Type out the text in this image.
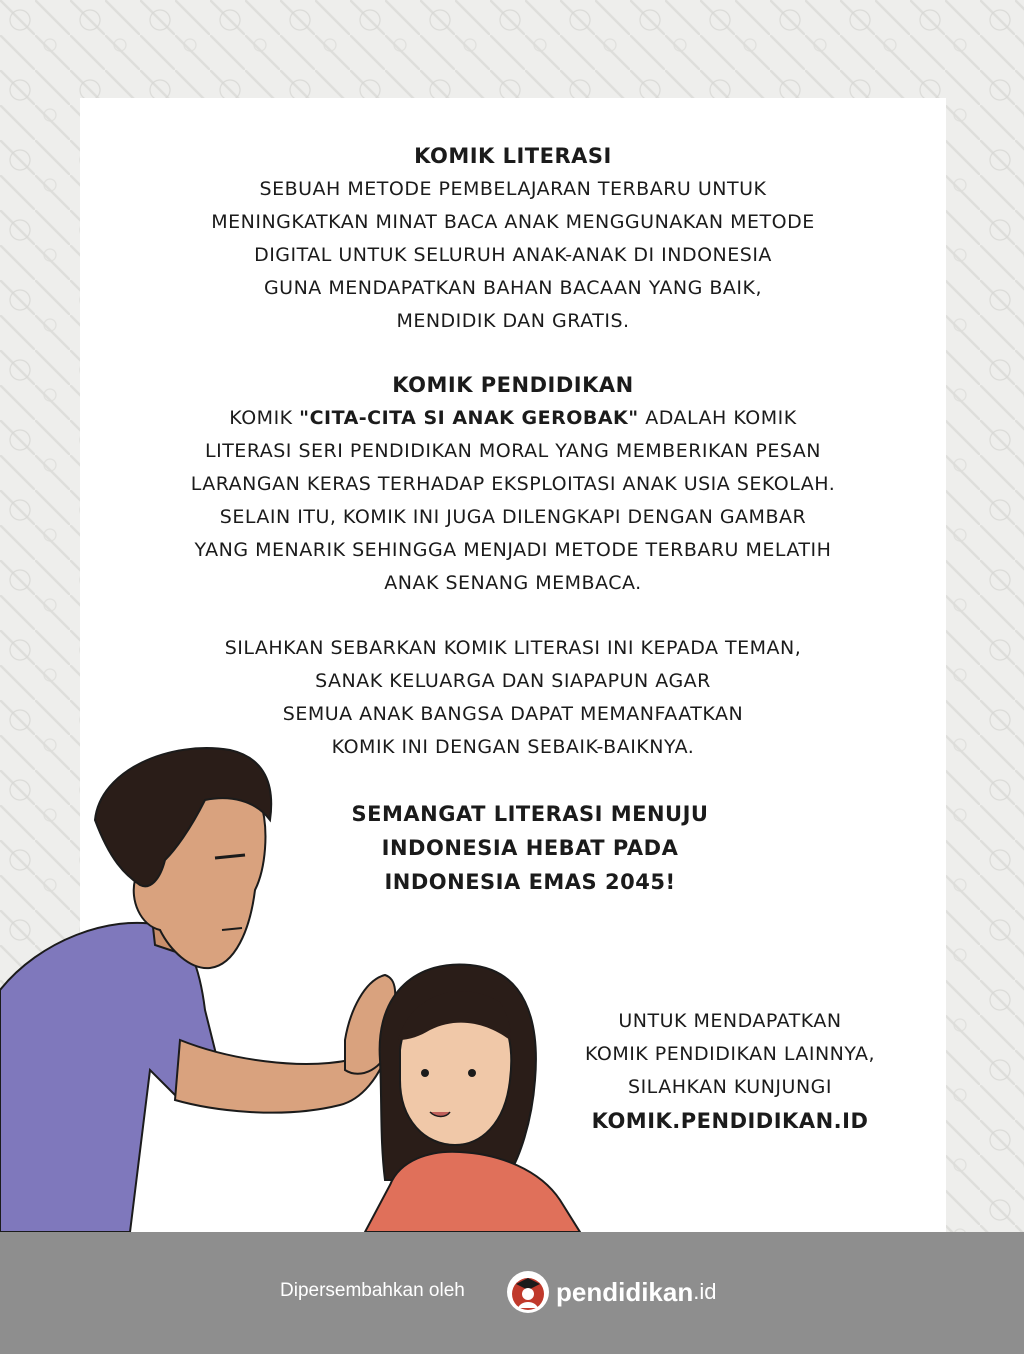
KOMIK LITERASI
SEBUAH METODE PEMBELAJARAN TERBARU UNTUK
MENINGKATKAN MINAT BACA ANAK MENGGUNAKAN METODE
DIGITAL UNTUK SELURUH ANAK-ANAK DI INDONESIA
GUNA MENDAPATKAN BAHAN BACAAN YANG BAIK,
MENDIDIK DAN GRATIS.
KOMIK PENDIDIKAN
KOMIK "CITA-CITA SI ANAK GEROBAK" ADALAH KOMIK
LITERASI SERI PENDIDIKAN MORAL YANG MEMBERIKAN PESAN
LARANGAN KERAS TERHADAP EKSPLOITASI ANAK USIA SEKOLAH.
SELAIN ITU, KOMIK INI JUGA DILENGKAPI DENGAN GAMBAR
YANG MENARIK SEHINGGA MENJADI METODE TERBARU MELATIH
ANAK SENANG MEMBACA.
SILAHKAN SEBARKAN KOMIK LITERASI INI KEPADA TEMAN,
SANAK KELUARGA DAN SIAPAPUN AGAR
SEMUA ANAK BANGSA DAPAT MEMANFAATKAN
KOMIK INI DENGAN SEBAIK-BAIKNYA.
SEMANGAT LITERASI MENUJU
INDONESIA HEBAT PADA
INDONESIA EMAS 2045!
UNTUK MENDAPATKAN
KOMIK PENDIDIKAN LAINNYA,
SILAHKAN KUNJUNGI
KOMIK.PENDIDIKAN.ID
Dipersembahkan oleh	pendidikan .id
